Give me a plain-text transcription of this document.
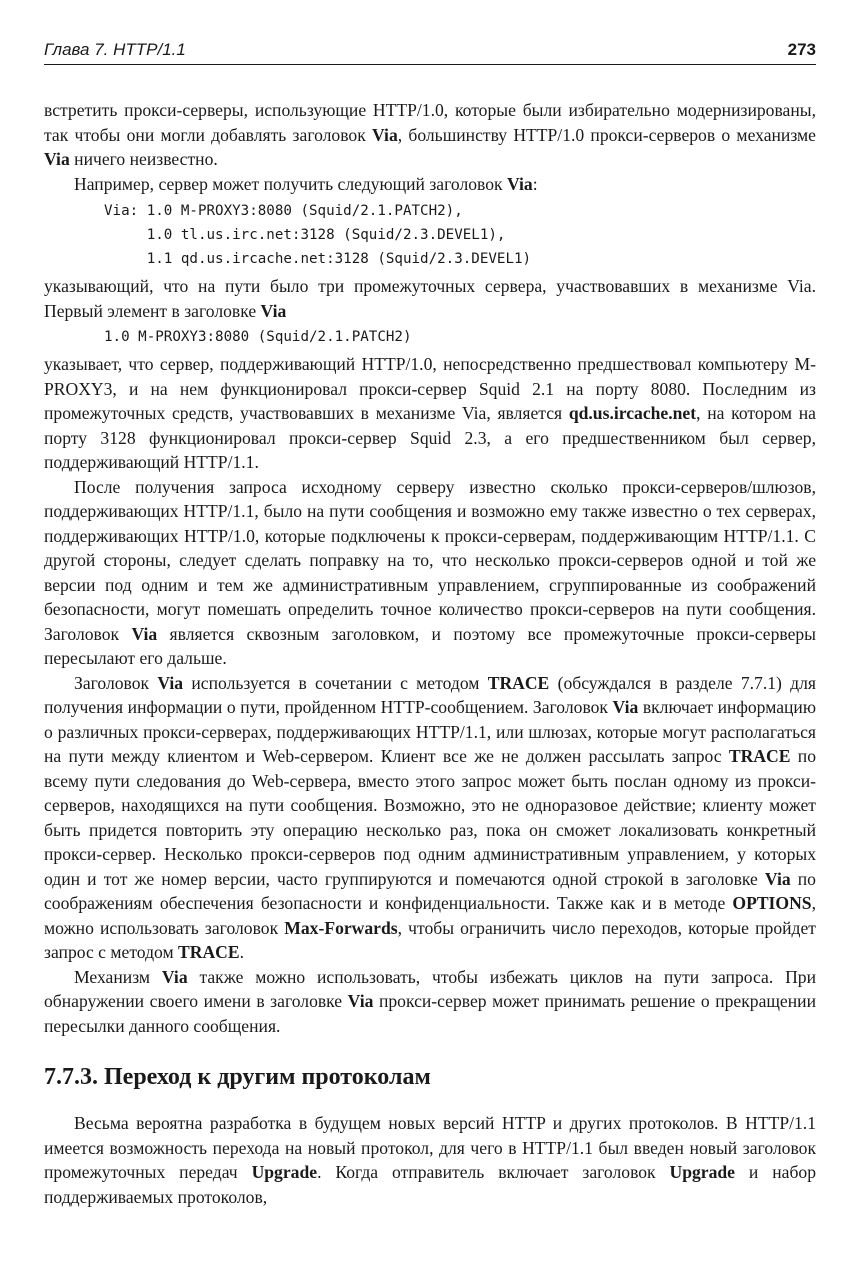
Глава 7. HTTP/1.1	273

встретить прокси-серверы, использующие HTTP/1.0, которые были избирательно модернизированы, так чтобы они могли добавлять заголовок Via, большинству HTTP/1.0 прокси-серверов о механизме Via ничего неизвестно.

Например, сервер может получить следующий заголовок Via:

Via: 1.0 M-PROXY3:8080 (Squid/2.1.PATCH2),
1.0 tl.us.irc.net:3128 (Squid/2.3.DEVEL1),
1.1 qd.us.ircache.net:3128 (Squid/2.3.DEVEL1)

указывающий, что на пути было три промежуточных сервера, участвовавших в механизме Via. Первый элемент в заголовке Via

1.0 M-PROXY3:8080 (Squid/2.1.PATCH2)

указывает, что сервер, поддерживающий HTTP/1.0, непосредственно предшествовал компьютеру M-PROXY3, и на нем функционировал прокси-сервер Squid 2.1 на порту 8080. Последним из промежуточных средств, участвовавших в механизме Via, является qd.us.ircache.net, на котором на порту 3128 функционировал прокси-сервер Squid 2.3, а его предшественником был сервер, поддерживающий HTTP/1.1.

После получения запроса исходному серверу известно сколько прокси-серверов/шлюзов, поддерживающих HTTP/1.1, было на пути сообщения и возможно ему также известно о тех серверах, поддерживающих HTTP/1.0, которые подключены к прокси-серверам, поддерживающим HTTP/1.1. С другой стороны, следует сделать поправку на то, что несколько прокси-серверов одной и той же версии под одним и тем же административным управлением, сгруппированные из соображений безопасности, могут помешать определить точное количество прокси-серверов на пути сообщения. Заголовок Via является сквозным заголовком, и поэтому все промежуточные прокси-серверы пересылают его дальше.

Заголовок Via используется в сочетании с методом TRACE (обсуждался в разделе 7.7.1) для получения информации о пути, пройденном HTTP-сообщением. Заголовок Via включает информацию о различных прокси-серверах, поддерживающих HTTP/1.1, или шлюзах, которые могут располагаться на пути между клиентом и Web-сервером. Клиент все же не должен рассылать запрос TRACE по всему пути следования до Web-сервера, вместо этого запрос может быть послан одному из прокси-серверов, находящихся на пути сообщения. Возможно, это не одноразовое действие; клиенту может быть придется повторить эту операцию несколько раз, пока он сможет локализовать конкретный прокси-сервер. Несколько прокси-серверов под одним административным управлением, у которых один и тот же номер версии, часто группируются и помечаются одной строкой в заголовке Via по соображениям обеспечения безопасности и конфиденциальности. Также как и в методе OPTIONS, можно использовать заголовок Max-Forwards, чтобы ограничить число переходов, которые пройдет запрос с методом TRACE.

Механизм Via также можно использовать, чтобы избежать циклов на пути запроса. При обнаружении своего имени в заголовке Via прокси-сервер может принимать решение о прекращении пересылки данного сообщения.

7.7.3. Переход к другим протоколам

Весьма вероятна разработка в будущем новых версий HTTP и других протоколов. В HTTP/1.1 имеется возможность перехода на новый протокол, для чего в HTTP/1.1 был введен новый заголовок промежуточных передач Upgrade. Когда отправитель включает заголовок Upgrade и набор поддерживаемых протоколов,
